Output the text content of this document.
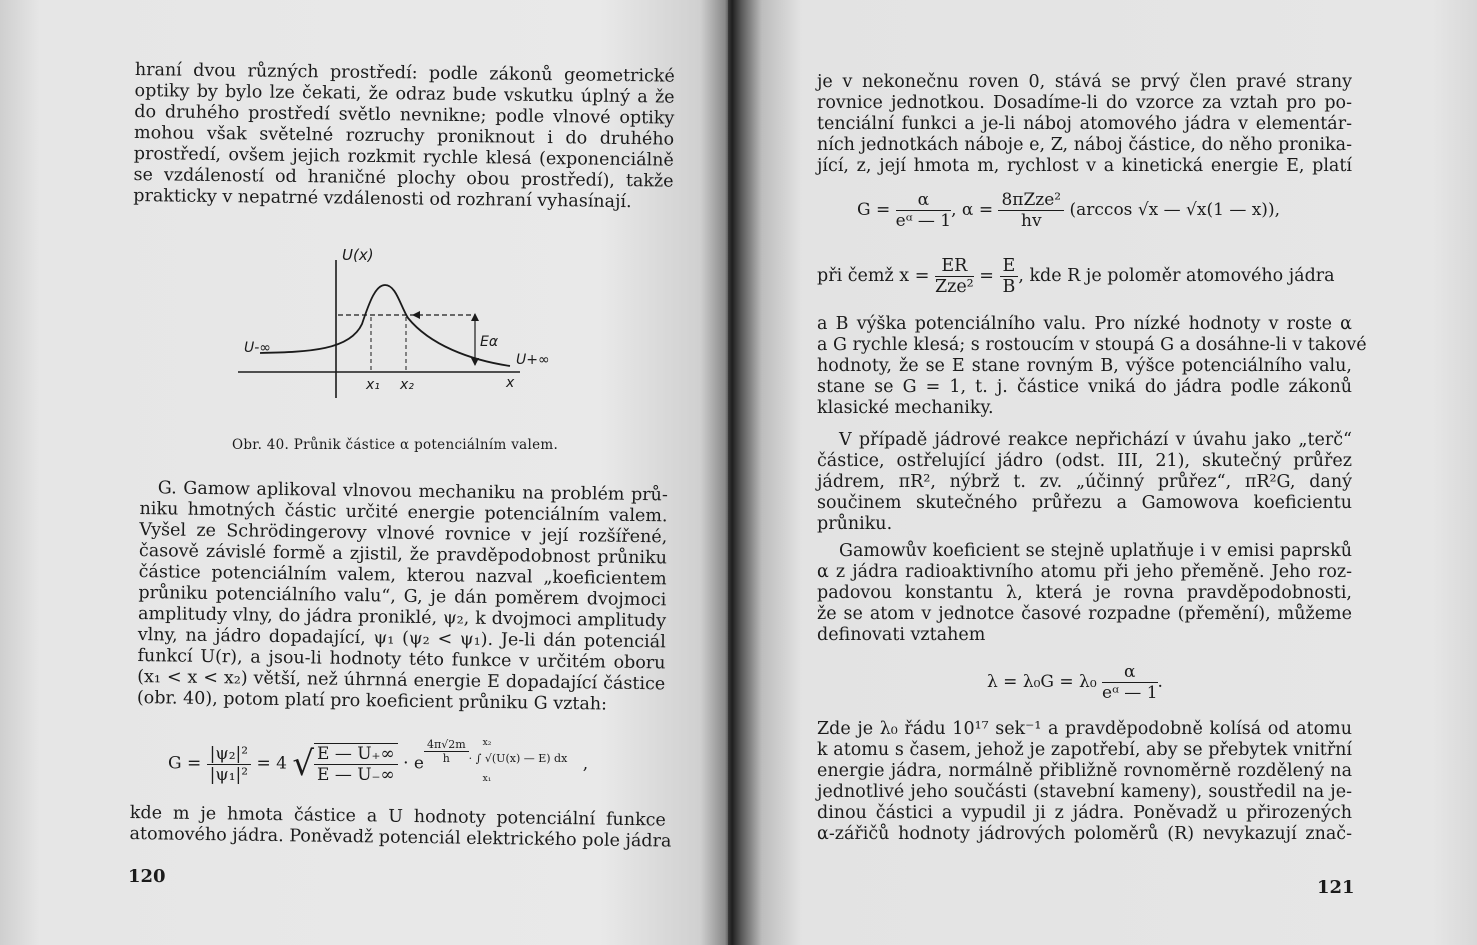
hraní dvou různých prostředí: podle zákonů geometrické
optiky by bylo lze čekati, že odraz bude vskutku úplný a že
do druhého prostředí světlo nevnikne; podle vlnové optiky
mohou však světelné rozruchy proniknout i do druhého
prostředí, ovšem jejich rozkmit rychle klesá (exponenciálně
se vzdáleností od hraničné plochy obou prostředí), takže
prakticky v nepatrné vzdálenosti od rozhraní vyhasínají.

U(x)
U-∞
U+∞
Eα
x₁ x₂	x
Obr. 40. Průnik částice α potenciálním valem.

G. Gamow aplikoval vlnovou mechaniku na problém prů-
niku hmotných částic určité energie potenciálním valem.
Vyšel ze Schrödingerovy vlnové rovnice v její rozšířené,
časově závislé formě a zjistil, že pravděpodobnost průniku
částice potenciálním valem, kterou nazval „koeficientem
průniku potenciálního valu“, G, je dán poměrem dvojmoci
amplitudy vlny, do jádra proniklé, ψ₂, k dvojmoci amplitudy
vlny, na jádro dopadající, ψ₁ (ψ₂ < ψ₁). Je-li dán potenciál
funkcí U(r), a jsou-li hodnoty této funkce v určitém oboru
(x₁ < x < x₂) větší, než úhrnná energie E dopadající částice
(obr. 40), potom platí pro koeficient průniku G vztah:

$G = \frac{\text{|ψ₂|²}}{\text{|ψ₁|²}} = 4$ √ $\frac{E — U_+\infty}{E — U_-\infty} \cdot e \frac{4\pi√2m}{h} x_2$
· ∫ √(U(x) — E) dx
x₁
,

kde m je hmota částice a U hodnoty potenciální funkce
atomového jádra. Poněvadž potenciál elektrického pole jádra

120

je v nekonečnu roven 0, stává se prvý člen pravé strany
rovnice jednotkou. Dosadíme-li do vzorce za vztah pro po-
tenciální funkci a je-li náboj atomového jádra v elementár-
ních jednotkách náboje e, Z, náboj částice, do něho pronika-
jící, z, její hmota m, rychlost v a kinetická energie E, platí

$G = \frac{\alpha}{\text{eᵅ — 1}}$ , $\alpha = \frac{\text{8πZze²}}{hv} (\arccos$ √x — √x(1 — x)),
při čemž $x = \frac{ER}{\text{Zze²}} = \frac{E}{B}$ , kde R je poloměr atomového jádra

a B výška potenciálního valu. Pro nízké hodnoty v roste α
a G rychle klesá; s rostoucím v stoupá G a dosáhne-li v takové
hodnoty, že se E stane rovným B, výšce potenciálního valu,
stane se G = 1, t. j. částice vniká do jádra podle zákonů
klasické mechaniky.

V případě jádrové reakce nepřichází v úvahu jako „terč“
částice, ostřelující jádro (odst. III, 21), skutečný průřez
jádrem, πR², nýbrž t. zv. „účinný průřez“, πR²G, daný
součinem skutečného průřezu a Gamowova koeficientu
průniku.

Gamowův koeficient se stejně uplatňuje i v emisi paprsků
α z jádra radioaktivního atomu při jeho přeměně. Jeho roz-
padovou konstantu λ, která je rovna pravděpodobnosti,
že se atom v jednotce časové rozpadne (přemění), můžeme
definovati vztahem

$\lambda = \lambda_0G = \lambda_0 \frac{\alpha}{\text{eᵅ — 1}}$ .

Zde je λ₀ řádu 10¹⁷ sek⁻¹ a pravděpodobně kolísá od atomu
k atomu s časem, jehož je zapotřebí, aby se přebytek vnitřní
energie jádra, normálně přibližně rovnoměrně rozdělený na
jednotlivé jeho součásti (stavební kameny), soustředil na je-
dinou částici a vypudil ji z jádra. Poněvadž u přirozených
α-zářičů hodnoty jádrových poloměrů (R) nevykazují znač-

121
